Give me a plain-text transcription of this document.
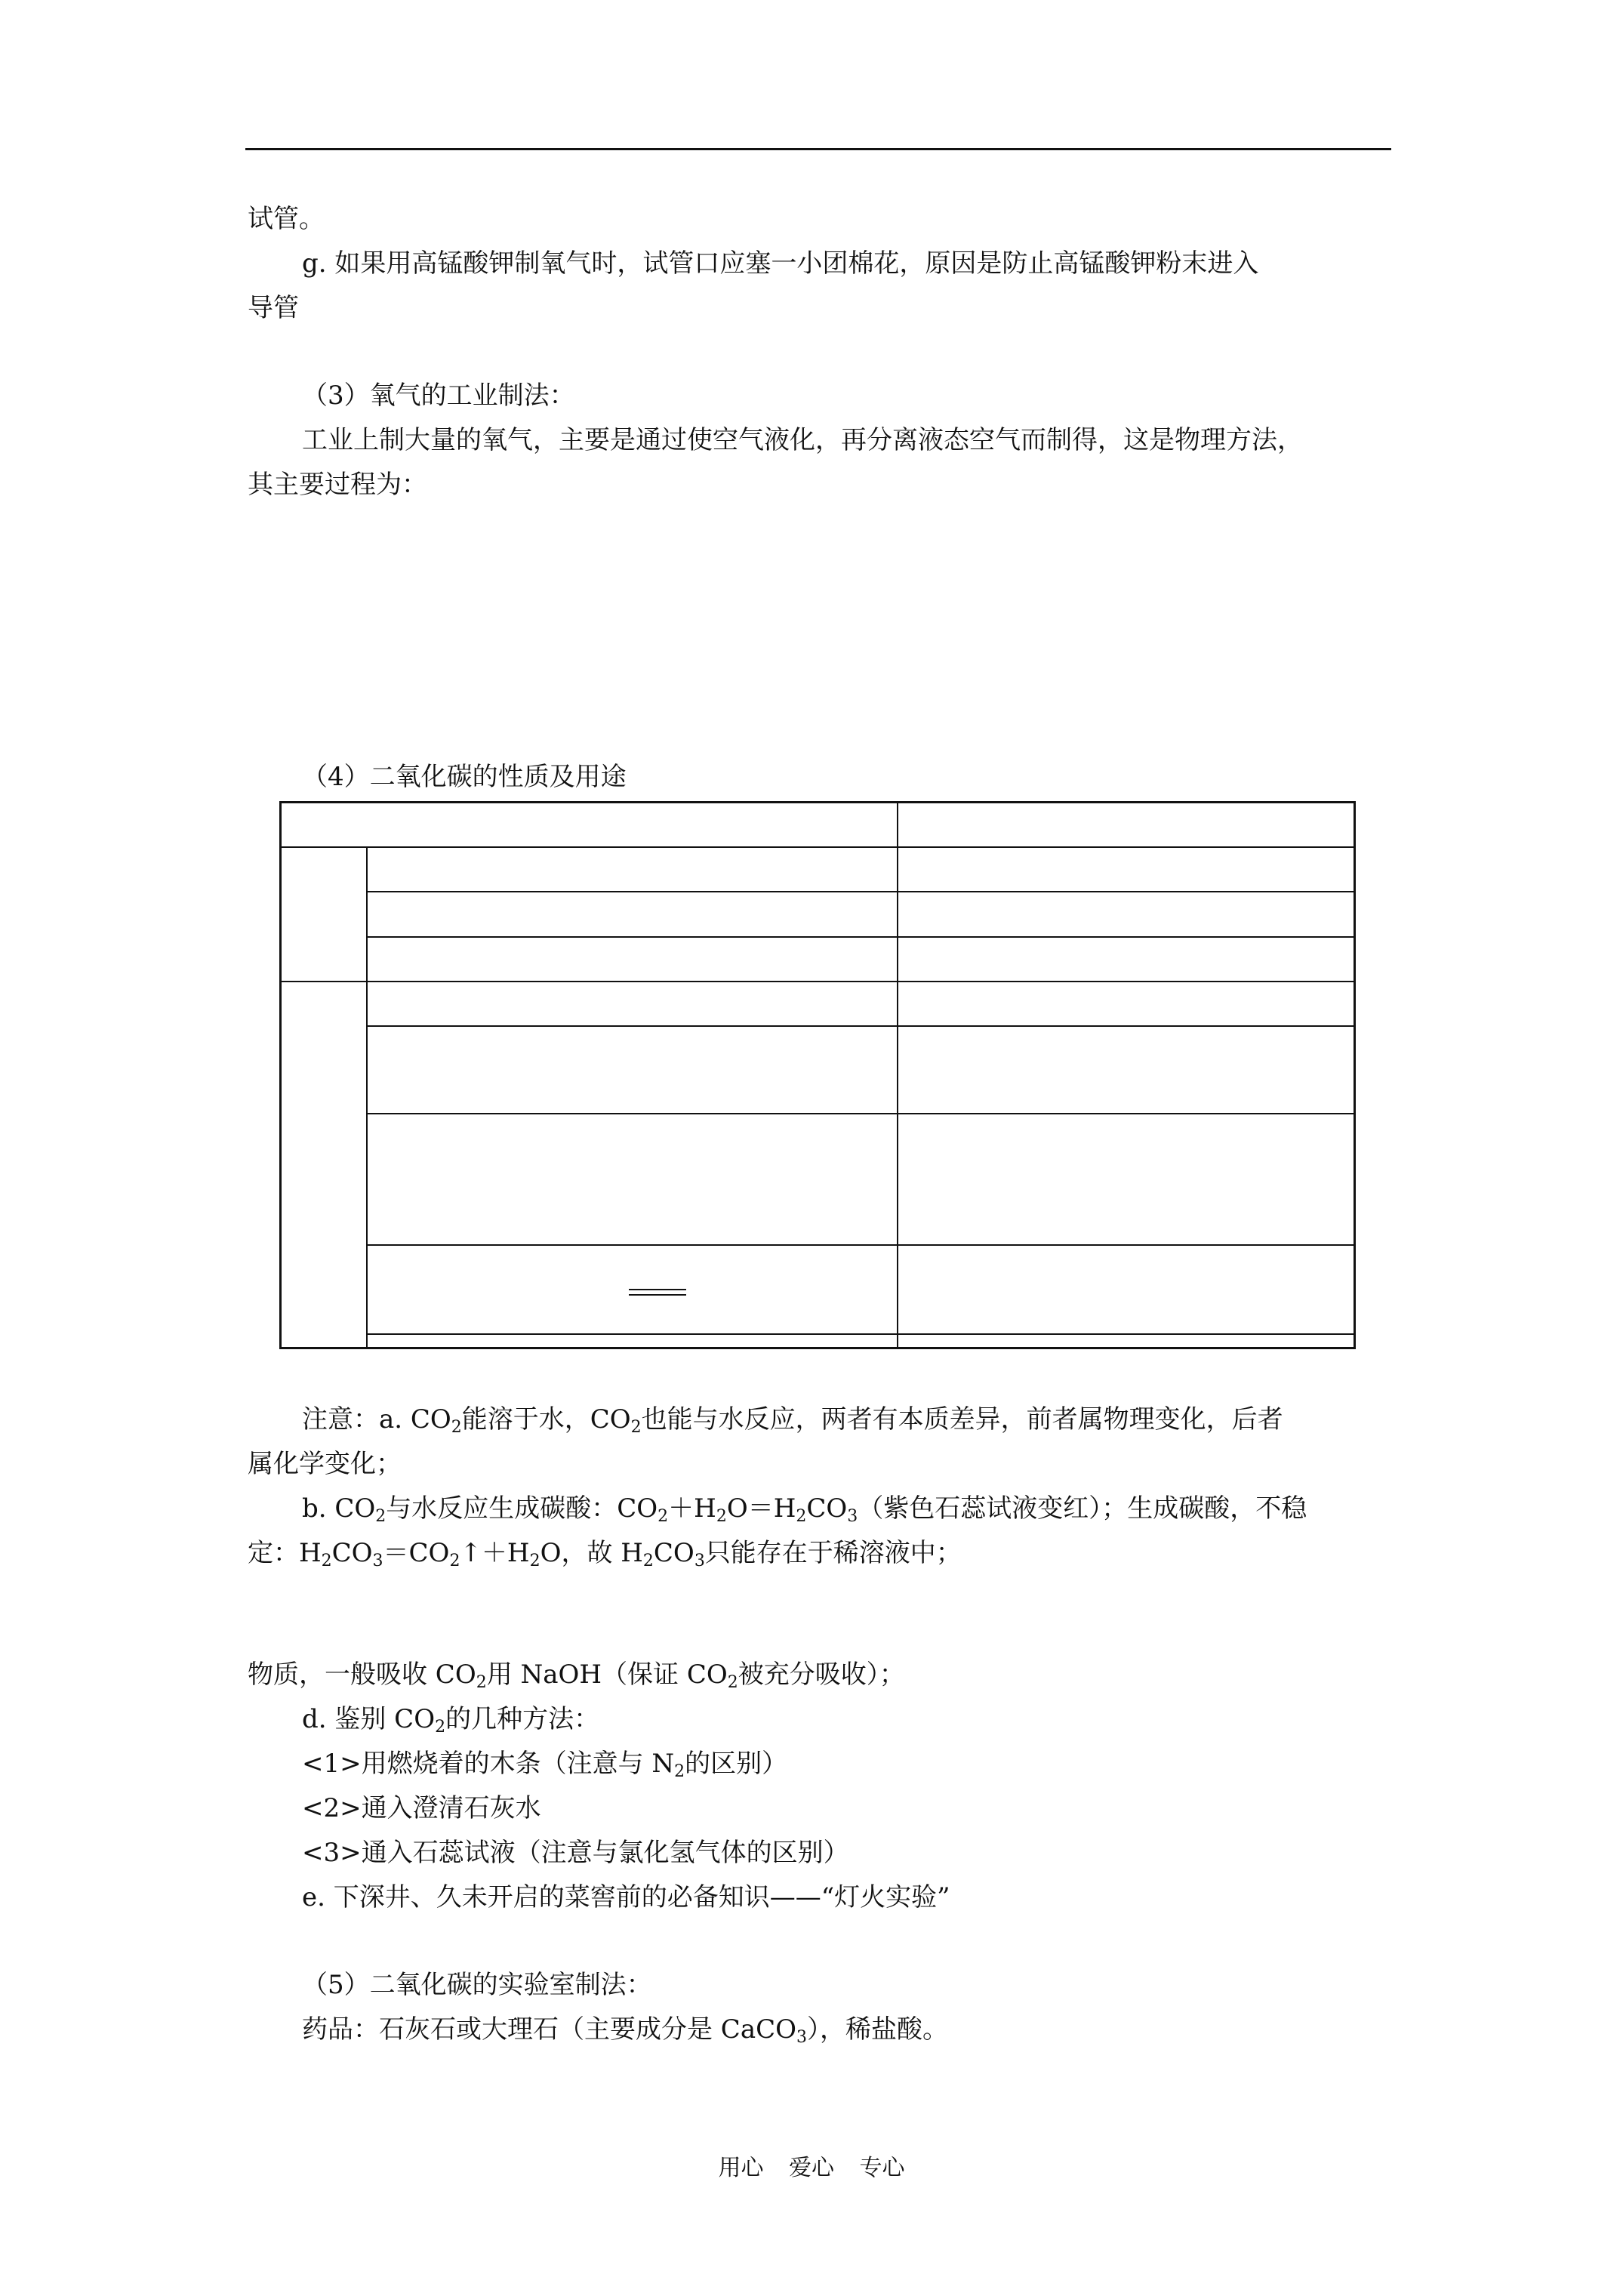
试管。
g. 如果用高锰酸钾制氧气时，试管口应塞一小团棉花，原因是防止高锰酸钾粉末进入
导管
（3）氧气的工业制法：
工业上制大量的氧气，主要是通过使空气液化，再分离液态空气而制得，这是物理方法，
其主要过程为：
（4）二氧化碳的性质及用途
注意：a. $CO_2$能溶于水，$CO_2$也能与水反应，两者有本质差异，前者属物理变化，后者
属化学变化；
b. $CO_2$与水反应生成碳酸：$CO_2+H_2O=H_2CO_3$（紫色石蕊试液变红）；生成碳酸，不稳
定：$H_2CO_3=CO_2↑+H_2O$，故 $H_2CO_3$只能存在于稀溶液中；
物质，一般吸收 $CO_2$用 NaOH（保证 $CO_2$被充分吸收）；
d. 鉴别 $CO_2$的几种方法：
<1>用燃烧着的木条（注意与 $N_2$的区别）
<2>通入澄清石灰水
<3>通入石蕊试液（注意与氯化氢气体的区别）
e. 下深井、久未开启的菜窖前的必备知识——“灯火实验”
（5）二氧化碳的实验室制法：
药品：石灰石或大理石（主要成分是 CaCO$_3$），稀盐酸。
用心 爱心 专心
